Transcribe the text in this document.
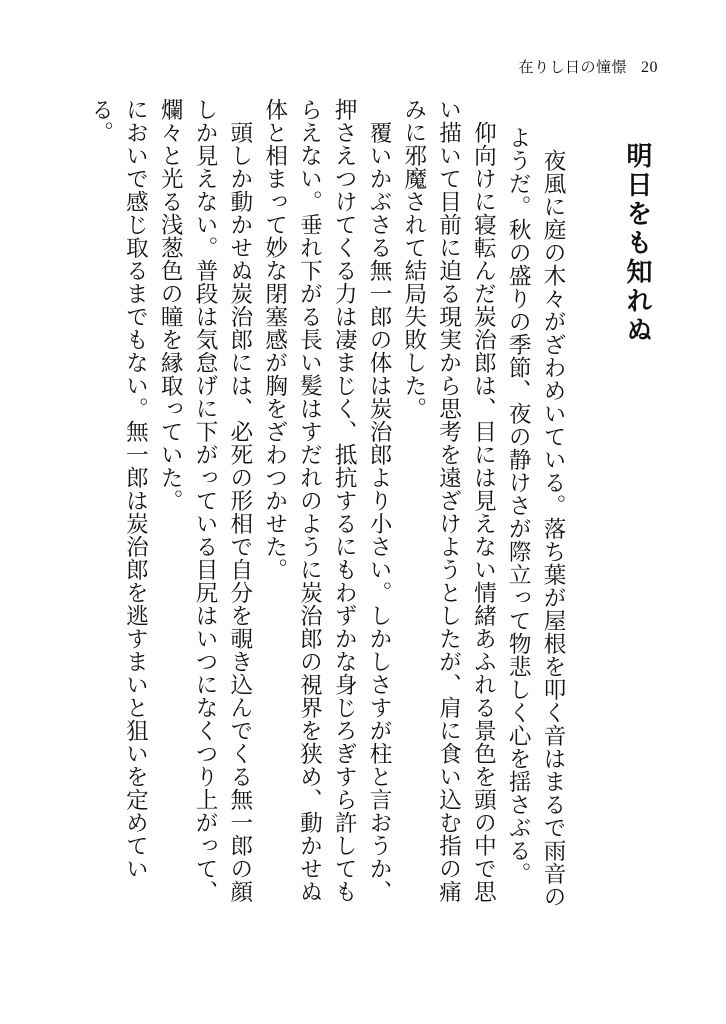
在りし日の憧憬 20
明日をも知れぬ

夜風に庭の木々がざわめいている。落ち葉が屋根を叩く音はまるで雨音のようだ。秋の盛りの季節、夜の静けさが際立って物悲しく心を揺さぶる。

仰向けに寝転んだ炭治郎は、目には見えない情緒あふれる景色を頭の中で思い描いて目前に迫る現実から思考を遠ざけようとしたが、肩に食い込む指の痛みに邪魔されて結局失敗した。

覆いかぶさる無一郎の体は炭治郎より小さい。しかしさすが柱と言おうか、押さえつけてくる力は凄まじく、抵抗するにもわずかな身じろぎすら許してもらえない。垂れ下がる長い髪はすだれのように炭治郎の視界を狭め、動かせぬ体と相まって妙な閉塞感が胸をざわつかせた。

頭しか動かせぬ炭治郎には、必死の形相で自分を覗き込んでくる無一郎の顔しか見えない。普段は気怠げに下がっている目尻はいつになくつり上がって、爛々と光る浅葱色の瞳を縁取っていた。

においで感じ取るまでもない。無一郎は炭治郎を逃すまいと狙いを定めている。
